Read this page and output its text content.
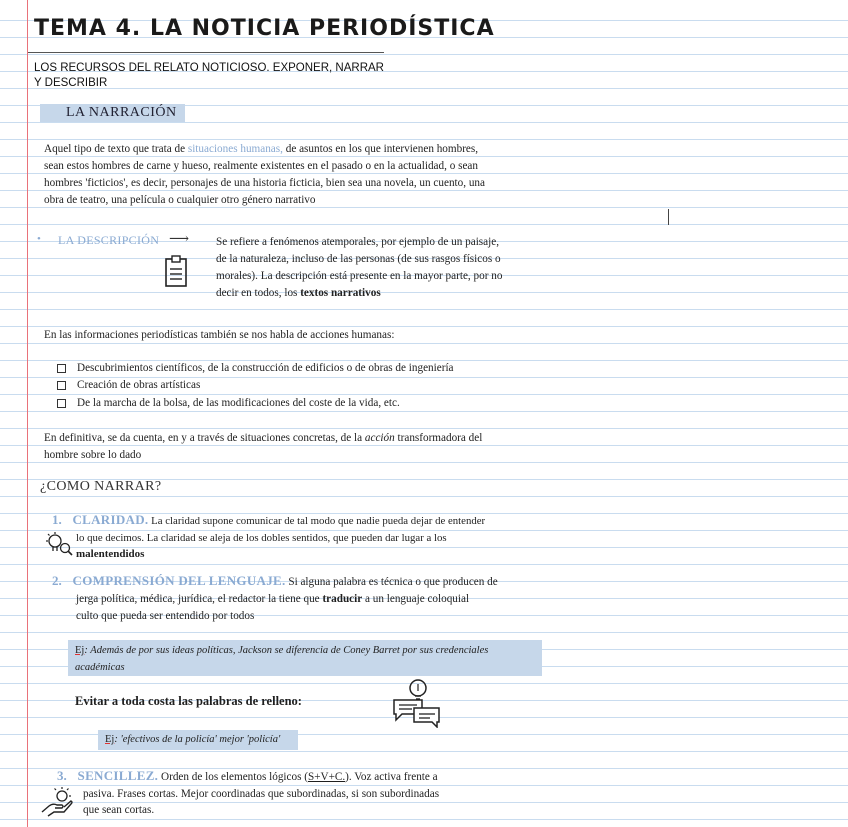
TEMA 4. LA NOTICIA PERIODÍSTICA
LOS RECURSOS DEL RELATO NOTICIOSO. EXPONER, NARRAR
Y DESCRIBIR
LA NARRACIÓN
Aquel tipo de texto que trata de situaciones humanas, de asuntos en los que intervienen hombres,
sean estos hombres de carne y hueso, realmente existentes en el pasado o en la actualidad, o sean
hombres 'ficticios', es decir, personajes de una historia ficticia, bien sea una novela, un cuento, una
obra de teatro, una película o cualquier otro género narrativo
• LA DESCRIPCIÓN ⟶ Se refiere a fenómenos atemporales, por ejemplo de un paisaje,
de la naturaleza, incluso de las personas (de sus rasgos físicos o
morales). La descripción está presente en la mayor parte, por no
decir en todos, los textos narrativos
En las informaciones periodísticas también se nos habla de acciones humanas:
Descubrimientos científicos, de la construcción de edificios o de obras de ingeniería
Creación de obras artísticas
De la marcha de la bolsa, de las modificaciones del coste de la vida, etc.
En definitiva, se da cuenta, en y a través de situaciones concretas, de la acción transformadora del
hombre sobre lo dado
¿COMO NARRAR?
1. CLARIDAD. La claridad supone comunicar de tal modo que nadie pueda dejar de entender
lo que decimos. La claridad se aleja de los dobles sentidos, que pueden dar lugar a los
malentendidos
2. COMPRENSIÓN DEL LENGUAJE. Si alguna palabra es técnica o que producen de
jerga política, médica, jurídica, el redactor la tiene que traducir a un lenguaje coloquial
culto que pueda ser entendido por todos
Ej: Además de por sus ideas políticas, Jackson se diferencia de Coney Barret por sus credenciales
académicas
Evitar a toda costa las palabras de relleno:
Ej: 'efectivos de la policía' mejor 'policía'
3. SENCILLEZ. Orden de los elementos lógicos (S+V+C.). Voz activa frente a
pasiva. Frases cortas. Mejor coordinadas que subordinadas, si son subordinadas
que sean cortas.
